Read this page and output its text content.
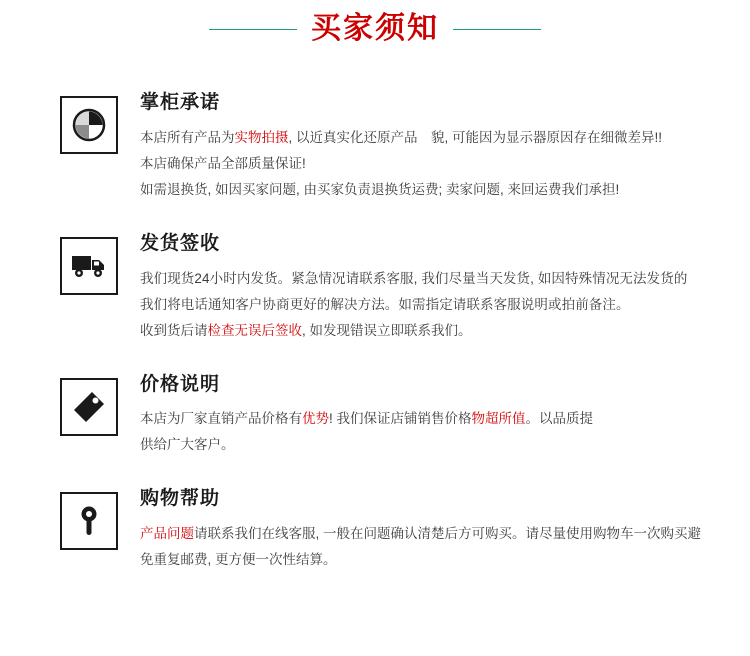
买家须知
掌柜承诺

本店所有产品为实物拍摄, 以近真实化还原产品　貌, 可能因为显示器原因存在细微差异!!

本店确保产品全部质量保证!

如需退换货, 如因买家问题, 由买家负责退换货运费; 卖家问题, 来回运费我们承担!

发货签收

我们现货24小时内发货。紧急情况请联系客服, 我们尽量当天发货, 如因特殊情况无法发货的

我们将电话通知客户协商更好的解决方法。如需指定请联系客服说明或拍前备注。

收到货后请检查无误后签收, 如发现错误立即联系我们。

价格说明

本店为厂家直销产品价格有优势! 我们保证店铺销售价格物超所值。以品质提

供给广大客户。

购物帮助

产品问题请联系我们在线客服, 一般在问题确认清楚后方可购买。请尽量使用购物车一次购买避

免重复邮费, 更方便一次性结算。
